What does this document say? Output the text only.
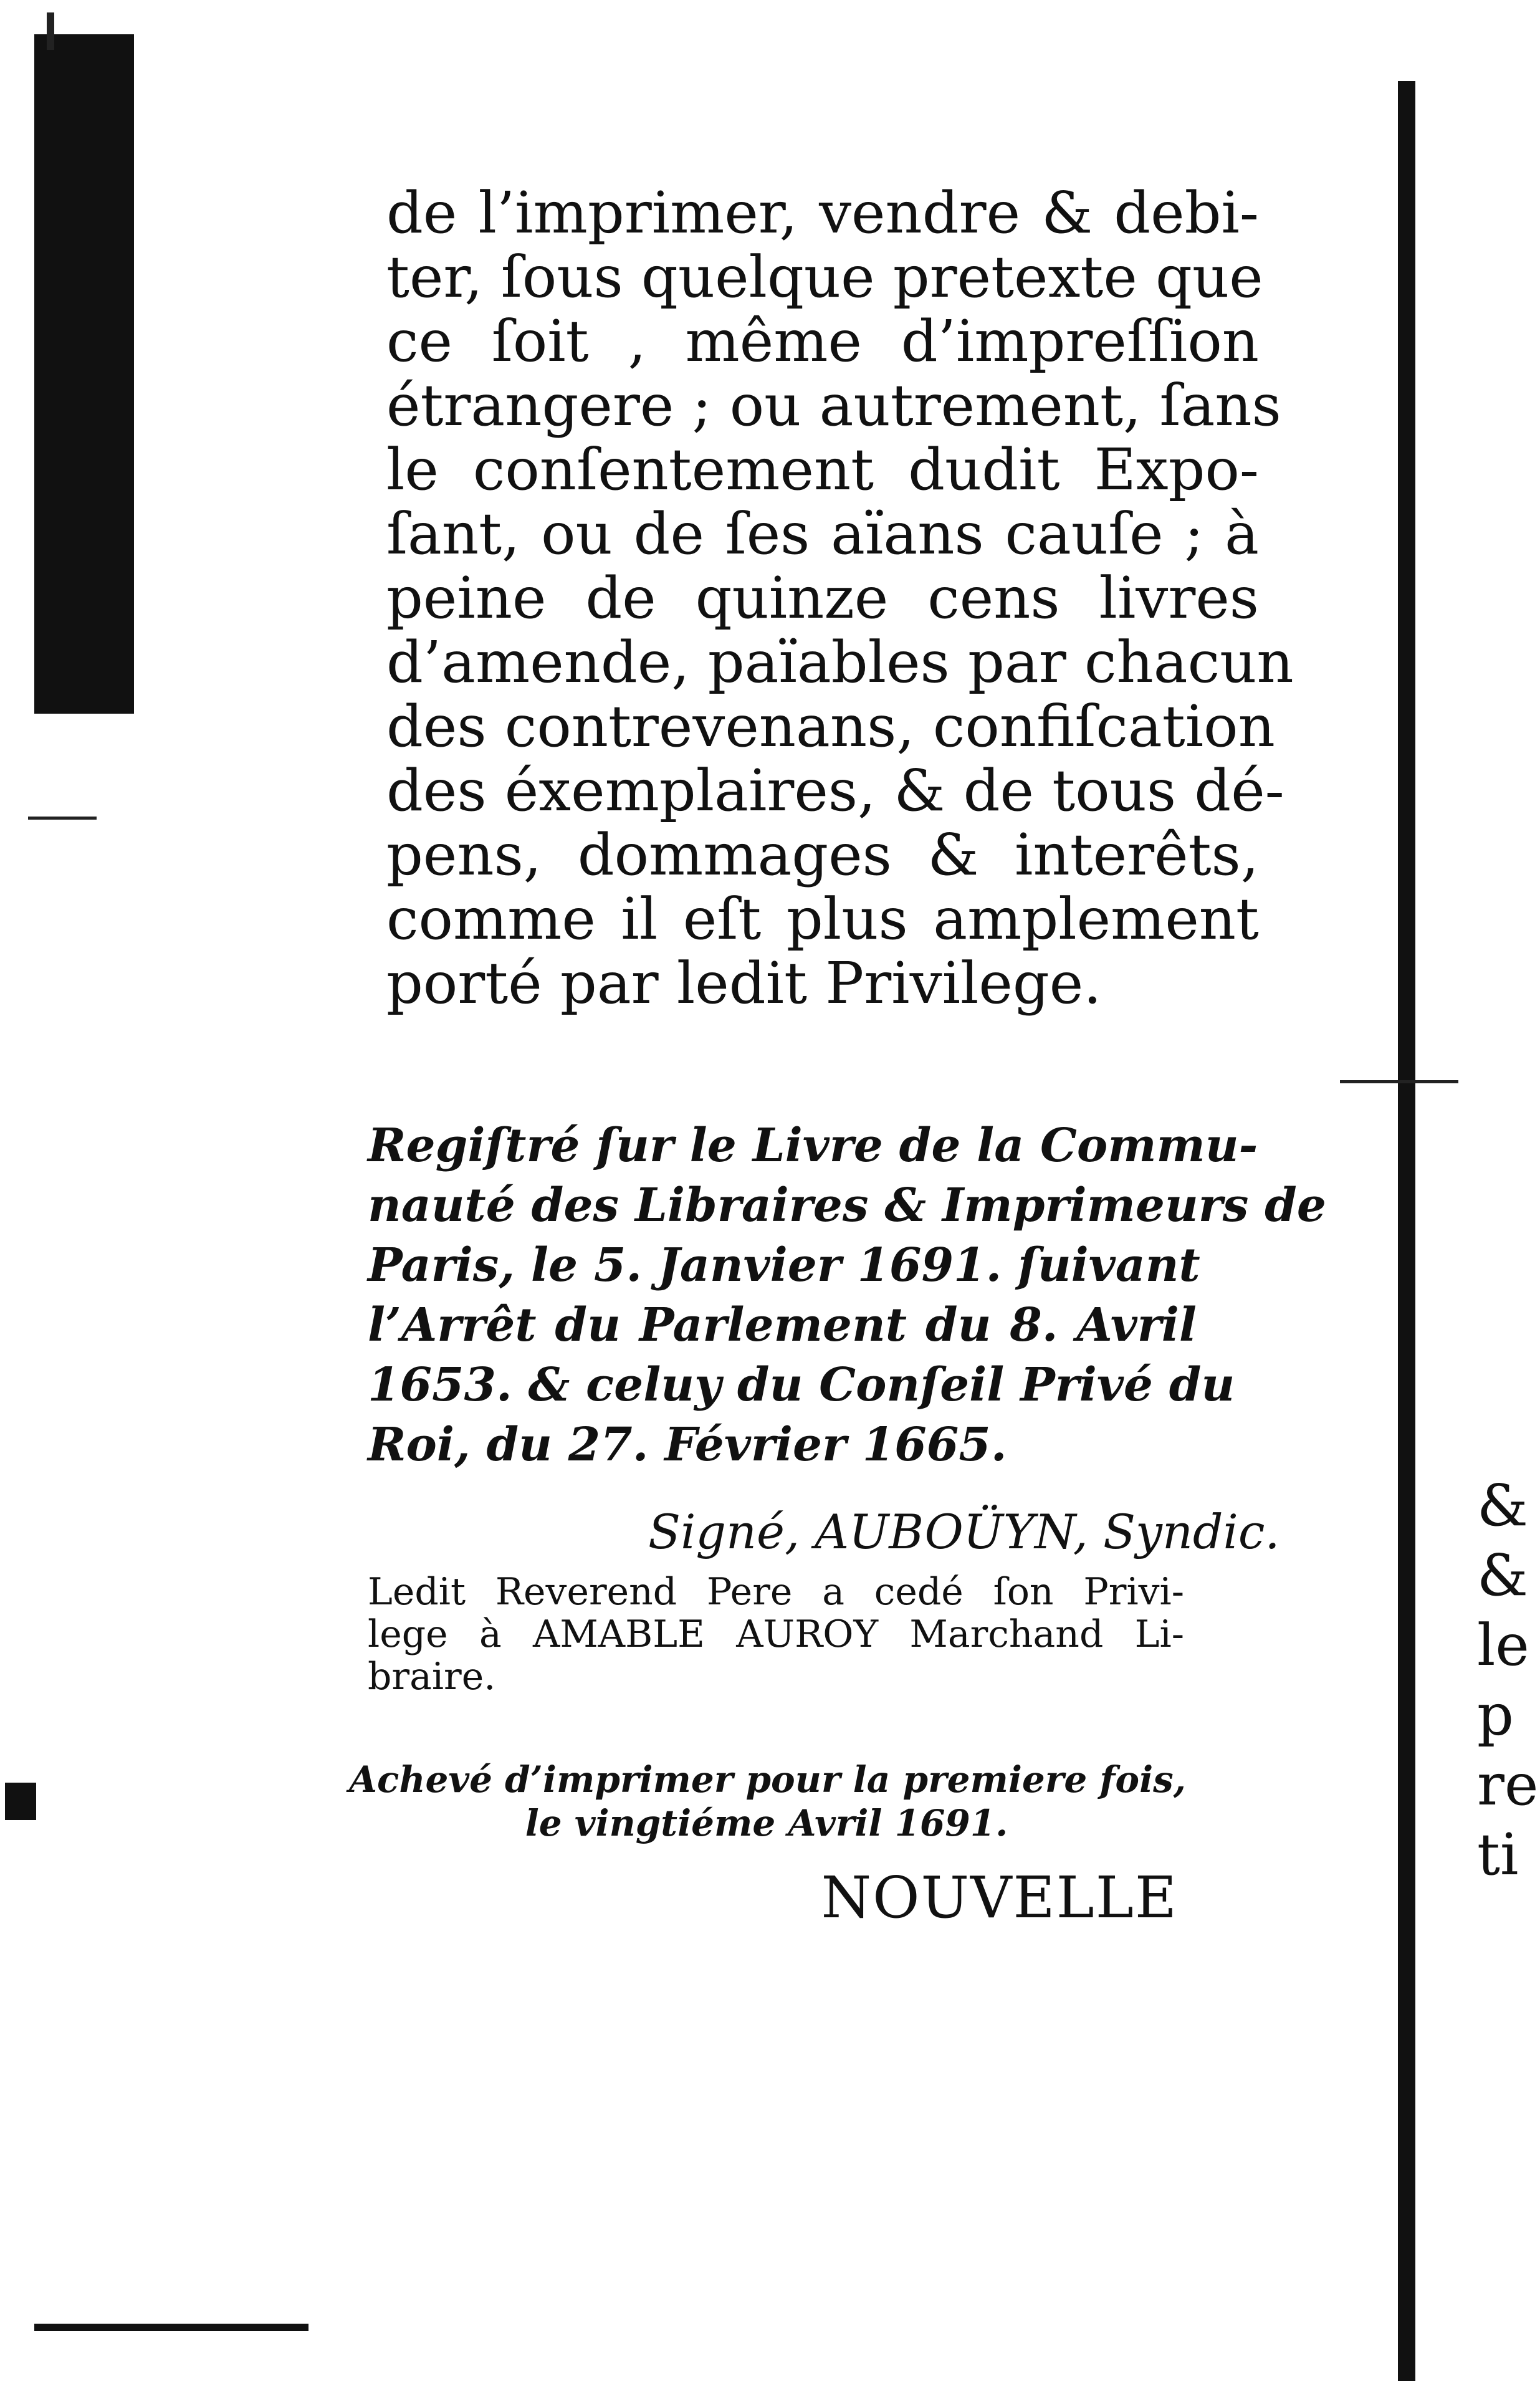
de l’imprimer, vendre & debi-
ter, ſous quelque pretexte que
ce ſoit , même d’impreſſion
étrangere ; ou autrement, ſans
le conſentement dudit Expo-
ſant, ou de ſes aïans cauſe ; à
peine de quinze cens livres
d’amende, païables par chacun
des contrevenans, confiſcation
des éxemplaires, & de tous dé-
pens, dommages & interêts,
comme il eſt plus amplement
porté par ledit Privilege.
Regiſtré ſur le Livre de la Commu-
nauté des Libraires & Imprimeurs de
Paris, le 5. Janvier 1691. ſuivant
l’Arrêt du Parlement du 8. Avril
1653. & celuy du Conſeil Privé du
Roi, du 27. Février 1665.
Signé, AUBOÜYN, Syndic.
Ledit Reverend Pere a cedé ſon Privi-
lege à AMABLE AUROY Marchand Li-
braire.
Achevé d’imprimer pour la premiere fois,
le vingtiéme Avril 1691.
NOUVELLE
&
&
le
p
re
ti
